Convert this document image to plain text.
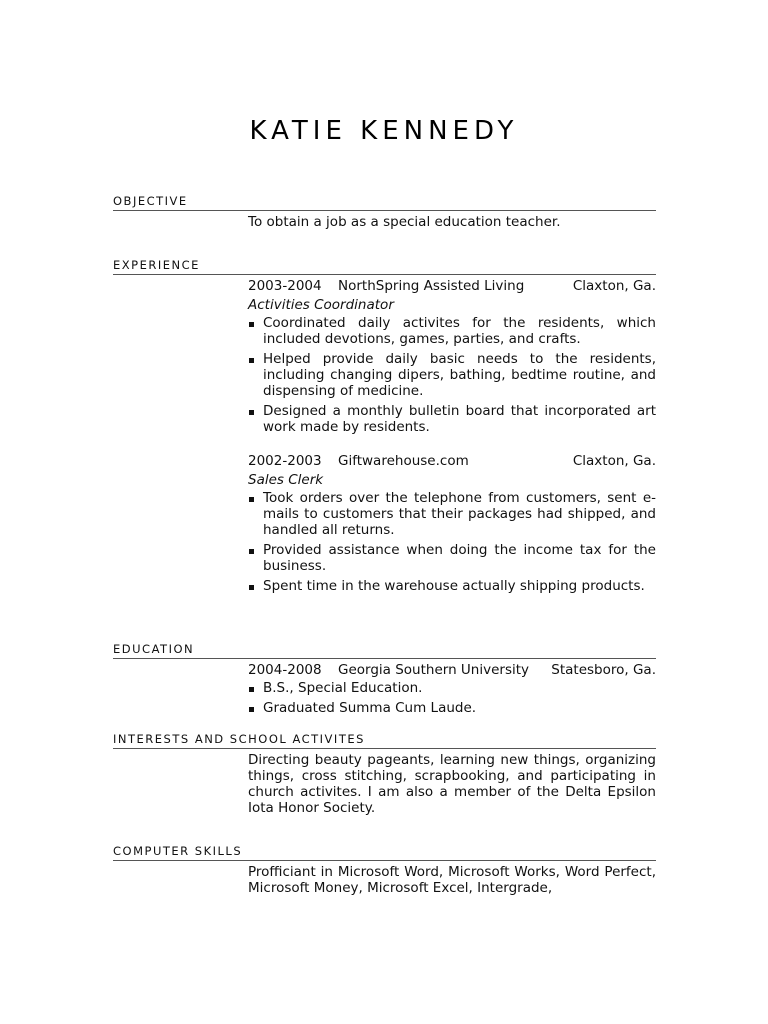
KATIE KENNEDY
OBJECTIVE
To obtain a job as a special education teacher.
EXPERIENCE
2003-2004	NorthSpring Assisted Living	Claxton, Ga.
Activities Coordinator
Coordinated daily activites for the residents, which included devotions, games, parties, and crafts.
Helped provide daily basic needs to the residents, including changing dipers, bathing, bedtime routine, and dispensing of medicine.
Designed a monthly bulletin board that incorporated art work made by residents.
2002-2003	Giftwarehouse.com	Claxton, Ga.
Sales Clerk
Took orders over the telephone from customers, sent e-mails to customers that their packages had shipped, and handled all returns.
Provided assistance when doing the income tax for the business.
Spent time in the warehouse actually shipping products.
EDUCATION
2004-2008	Georgia Southern University	Statesboro, Ga.
B.S., Special Education.
Graduated Summa Cum Laude.
INTERESTS AND SCHOOL ACTIVITES
Directing beauty pageants, learning new things, organizing things, cross stitching, scrapbooking, and participating in church activites. I am also a member of the Delta Epsilon Iota Honor Society.
COMPUTER SKILLS
Profficiant in Microsoft Word, Microsoft Works, Word Perfect, Microsoft Money, Microsoft Excel, Intergrade,
